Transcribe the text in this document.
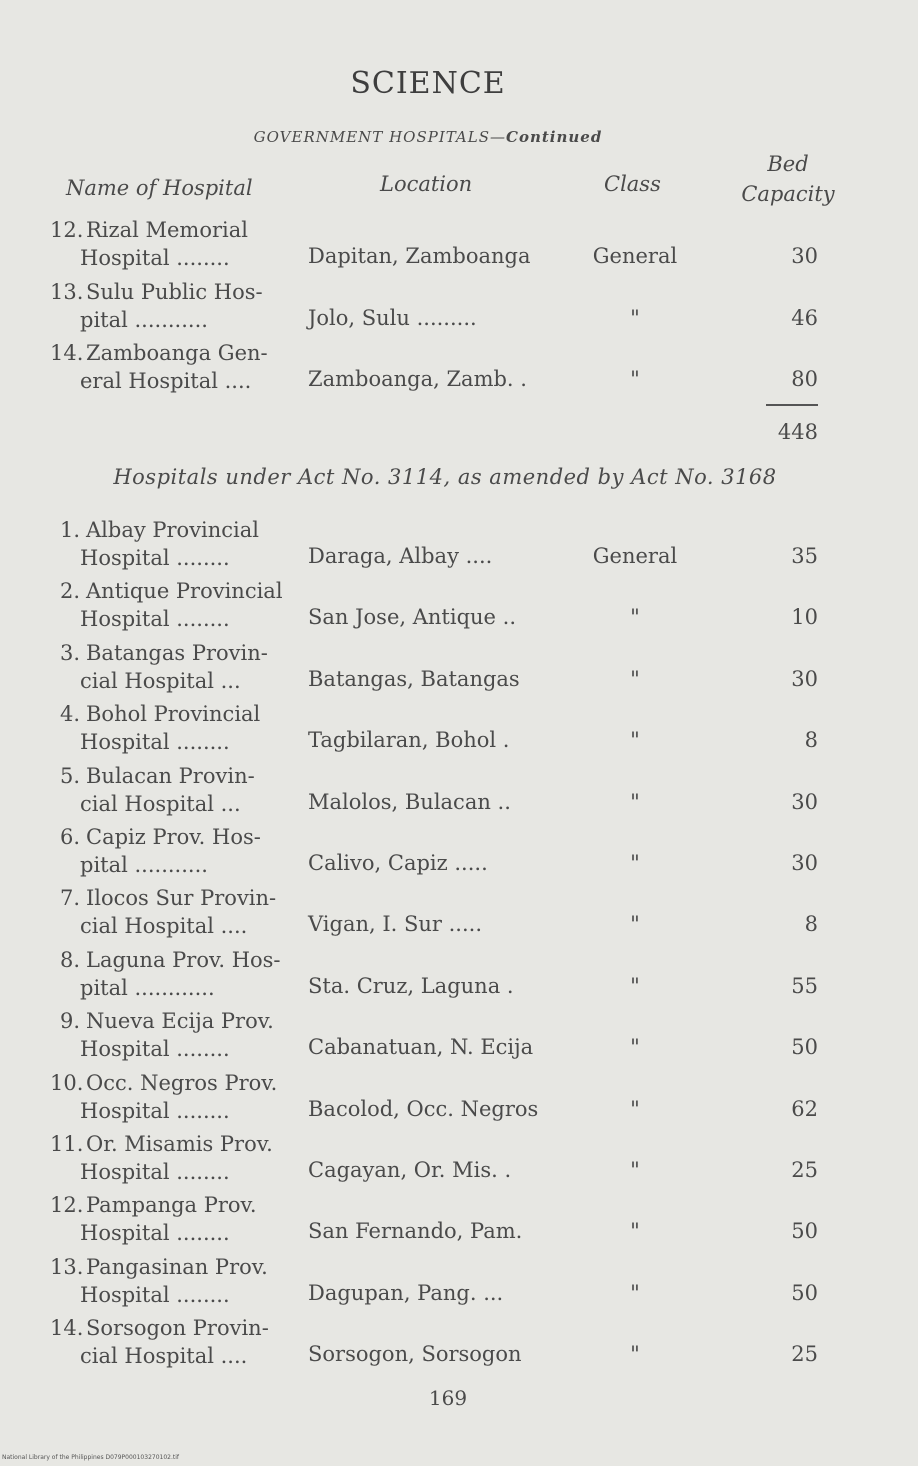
SCIENCE
GOVERNMENT HOSPITALS—Continued
Name of Hospital	Location	Class
Bed
Capacity
12. Rizal Memorial
Hospital ........	Dapitan, Zamboanga	General	30
13. Sulu Public Hos-
pital ...........	Jolo, Sulu .........	"	46
14. Zamboanga Gen-
eral Hospital ....	Zamboanga, Zamb. .	"	80
448
Hospitals under Act No. 3114, as amended by Act No. 3168
1. Albay Provincial
Hospital ........	Daraga, Albay ....	General	35
2. Antique Provincial
Hospital ........	San Jose, Antique ..	"	10
3. Batangas Provin-
cial Hospital ...	Batangas, Batangas	"	30
4. Bohol Provincial
Hospital ........	Tagbilaran, Bohol .	"	8
5. Bulacan Provin-
cial Hospital ...	Malolos, Bulacan ..	"	30
6. Capiz Prov. Hos-
pital ...........	Calivo, Capiz .....	"	30
7. Ilocos Sur Provin-
cial Hospital ....	Vigan, I. Sur .....	"	8
8. Laguna Prov. Hos-
pital ............	Sta. Cruz, Laguna .	"	55
9. Nueva Ecija Prov.
Hospital ........	Cabanatuan, N. Ecija	"	50
10. Occ. Negros Prov.
Hospital ........	Bacolod, Occ. Negros	"	62
11. Or. Misamis Prov.
Hospital ........	Cagayan, Or. Mis. .	"	25
12. Pampanga Prov.
Hospital ........	San Fernando, Pam.	"	50
13. Pangasinan Prov.
Hospital ........	Dagupan, Pang. ...	"	50
14. Sorsogon Provin-
cial Hospital ....	Sorsogon, Sorsogon	"	25
169
National Library of the Philippines D079P000103270102.tif
